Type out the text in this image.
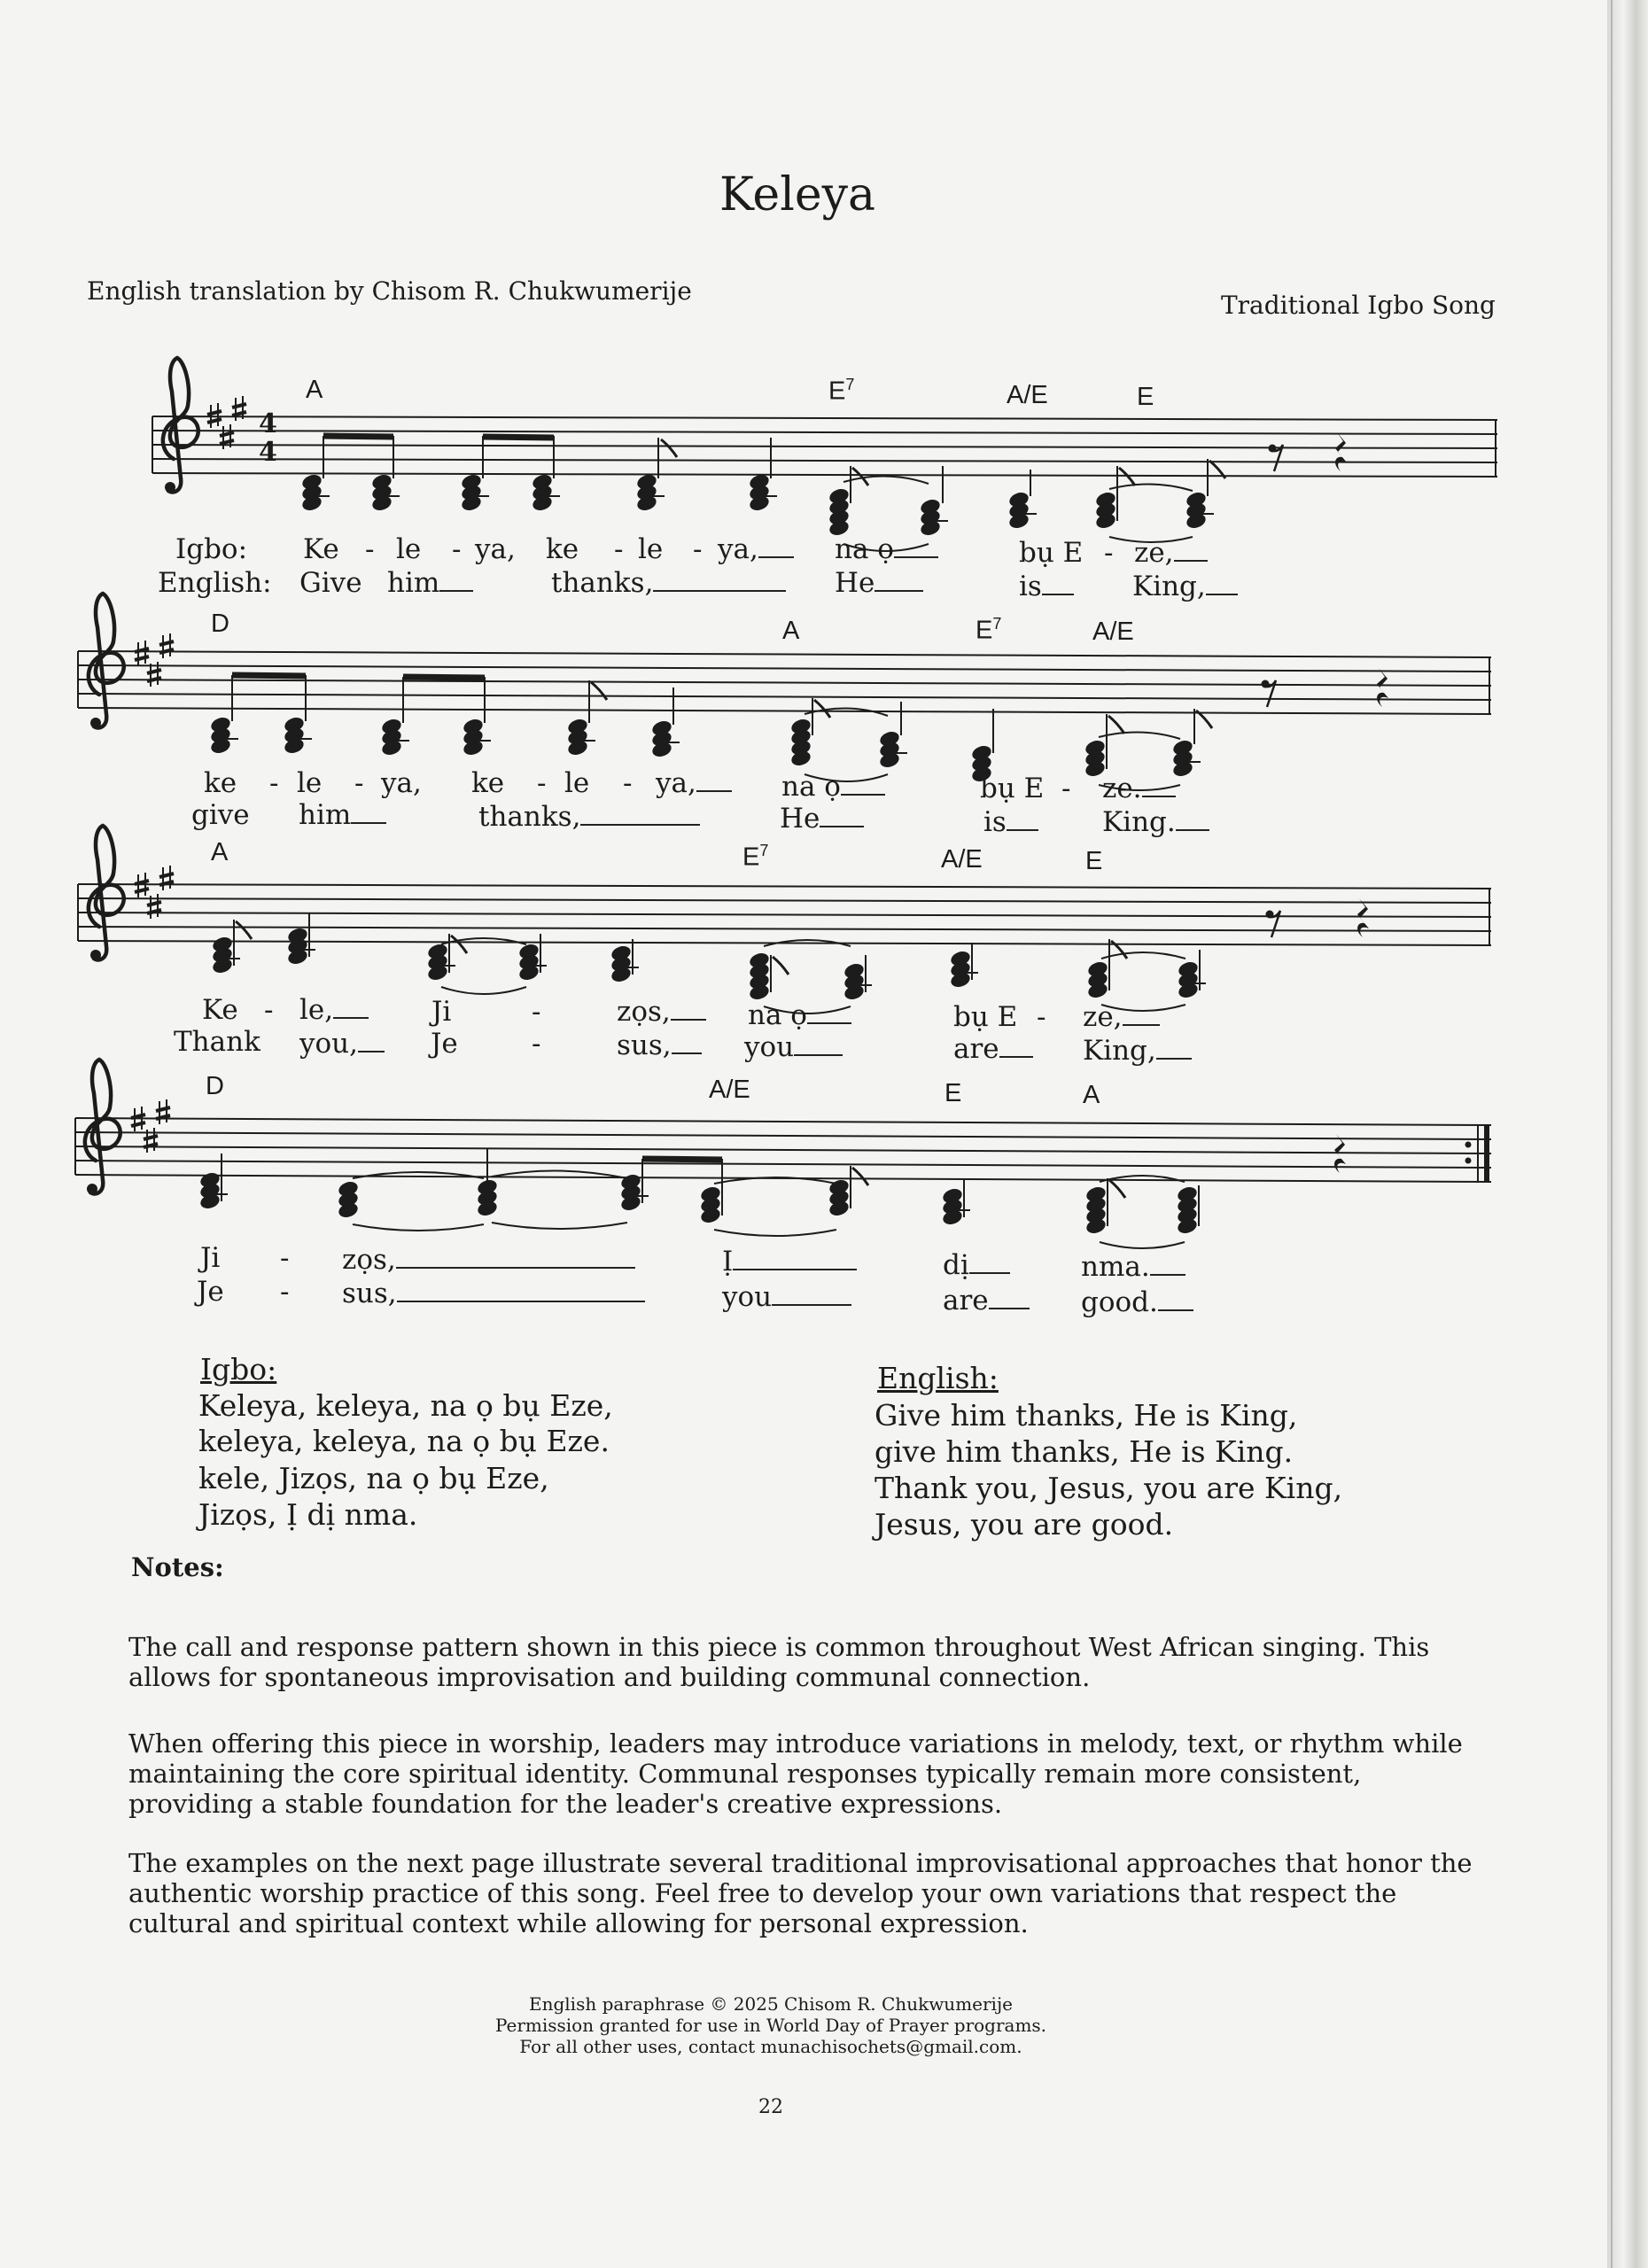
Keleya
English translation by Chisom R. Chukwumerije	Traditional Igbo Song
A	$E^7$	A/E	E
D	A	$E^7$	A/E
A	$E^7$	A/E	E
D	A/E	E	A
4
4
Igbo:
English:
Ke - le - ya, ke - le - ya,	na ọ	bụ E - ze,
Give him	thanks,	He	is	King,
ke - le - ya, ke - le - ya,	na ọ	bụ E - ze.
give him	thanks,	He	is	King.
Ke - le,	Ji	-	zọs,	na ọ	bụ E - ze,
Thank you,	Je	-	sus,	you	are	King,
Ji - zọs,	Ị	dị	nma.
Je - sus,	you	are	good.
Igbo:
Keleya, keleya, na ọ bụ Eze,
keleya, keleya, na ọ bụ Eze.
kele, Jizọs, na ọ bụ Eze,
Jizọs, Ị dị nma.
English:
Give him thanks, He is King,
give him thanks, He is King.
Thank you, Jesus, you are King,
Jesus, you are good.
Notes:
The call and response pattern shown in this piece is common throughout West African singing. This allows for spontaneous improvisation and building communal connection.
When offering this piece in worship, leaders may introduce variations in melody, text, or rhythm while maintaining the core spiritual identity. Communal responses typically remain more consistent, providing a stable foundation for the leader's creative expressions.
The examples on the next page illustrate several traditional improvisational approaches that honor the authentic worship practice of this song. Feel free to develop your own variations that respect the cultural and spiritual context while allowing for personal expression.
English paraphrase © 2025 Chisom R. Chukwumerije
Permission granted for use in World Day of Prayer programs.
For all other uses, contact munachisochets@gmail.com.
22
